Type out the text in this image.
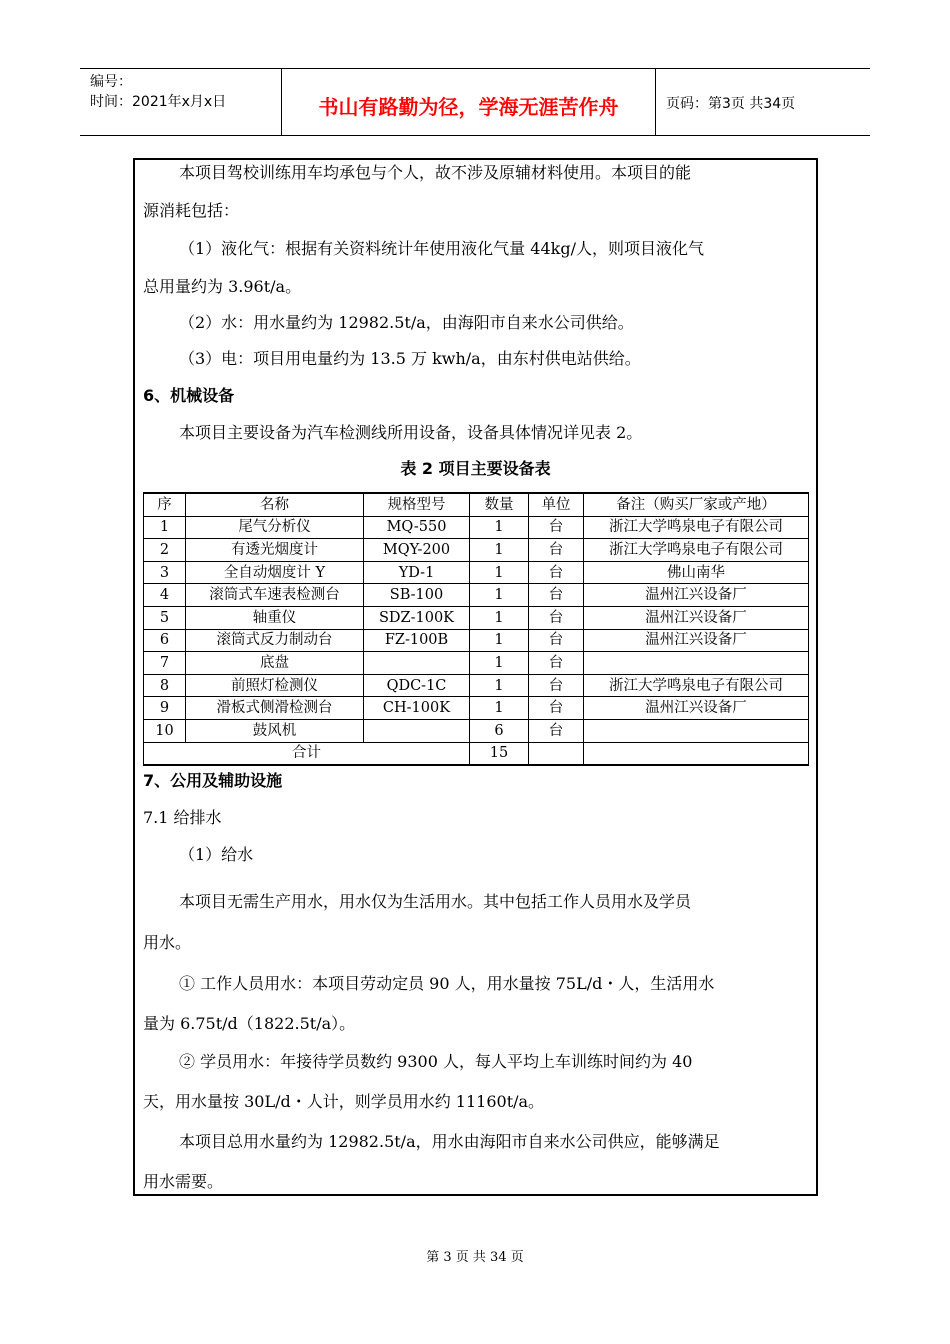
编号：
时间：2021年x月x日	书山有路勤为径，学海无涯苦作舟	页码：第3页 共34页
本项目驾校训练用车均承包与个人，故不涉及原辅材料使用。本项目的能
源消耗包括：
（1）液化气：根据有关资料统计年使用液化气量 44kg/人，则项目液化气
总用量约为 3.96t/a。
（2）水：用水量约为 12982.5t/a，由海阳市自来水公司供给。
（3）电：项目用电量约为 13.5 万 kwh/a，由东村供电站供给。
6、机械设备
本项目主要设备为汽车检测线所用设备，设备具体情况详见表 2。
表 2 项目主要设备表
7、公用及辅助设施
7.1 给排水
（1）给水
本项目无需生产用水，用水仅为生活用水。其中包括工作人员用水及学员
用水。
① 工作人员用水：本项目劳动定员 90 人，用水量按 75L/d・人，生活用水
量为 6.75t/d（1822.5t/a）。
② 学员用水：年接待学员数约 9300 人，每人平均上车训练时间约为 40
天，用水量按 30L/d・人计，则学员用水约 11160t/a。
本项目总用水量约为 12982.5t/a，用水由海阳市自来水公司供应，能够满足
用水需要。
序	名称	规格型号	数量	单位	备注（购买厂家或产地）
1	尾气分析仪	MQ-550	1	台	浙江大学鸣泉电子有限公司
2	有透光烟度计	MQY-200	1	台	浙江大学鸣泉电子有限公司
3	全自动烟度计 Y	YD-1	1	台	佛山南华
4	滚筒式车速表检测台	SB-100	1	台	温州江兴设备厂
5	轴重仪	SDZ-100K	1	台	温州江兴设备厂
6	滚筒式反力制动台	FZ-100B	1	台	温州江兴设备厂
7	底盘		1	台	
8	前照灯检测仪	QDC-1C	1	台	浙江大学鸣泉电子有限公司
9	滑板式侧滑检测台	CH-100K	1	台	温州江兴设备厂
10	鼓风机		6	台	
合计			15		
第 3 页 共 34 页
